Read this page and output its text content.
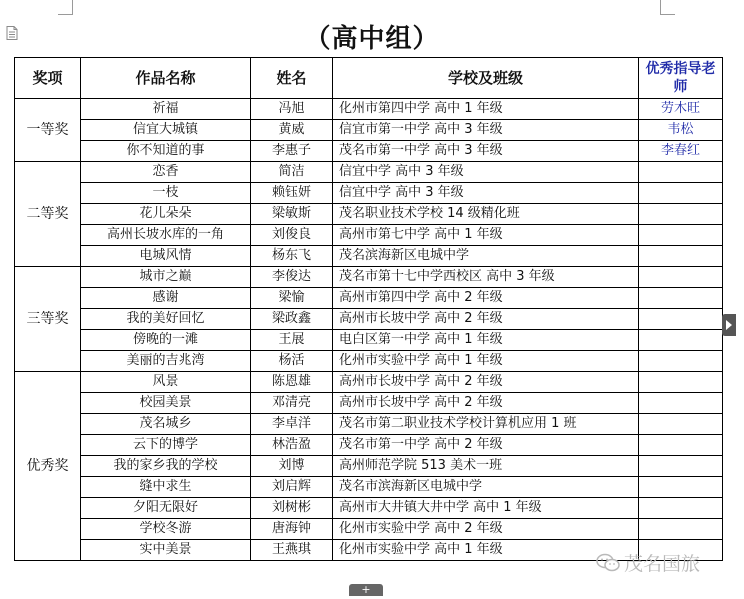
（高中组）
奖项	作品名称	姓名	学校及班级	优秀指导老师
一等奖	祈福	冯旭	化州市第四中学 高中 1 年级	劳木旺
	信宜大城镇	黄威	信宜市第一中学 高中 3 年级	韦松
	你不知道的事	李惠子	茂名市第一中学 高中 3 年级	李春红
二等奖	恋香	简洁	信宜中学 高中 3 年级	
	一枝	赖钰妍	信宜中学 高中 3 年级	
	花儿朵朵	梁敏斯	茂名职业技术学校 14 级精化班	
	高州长坡水库的一角	刘俊良	高州市第七中学 高中 1 年级	
	电城风情	杨东飞	茂名滨海新区电城中学	
三等奖	城市之巅	李俊达	茂名市第十七中学西校区 高中 3 年级	
	感谢	梁愉	高州市第四中学 高中 2 年级	
	我的美好回忆	梁政鑫	高州市长坡中学 高中 2 年级	
	傍晚的一滩	王展	电白区第一中学 高中 1 年级	
	美丽的吉兆湾	杨活	化州市实验中学 高中 1 年级	
优秀奖	风景	陈恩雄	高州市长坡中学 高中 2 年级	
	校园美景	邓清亮	高州市长坡中学 高中 2 年级	
	茂名城乡	李卓洋	茂名市第二职业技术学校计算机应用 1 班	
	云下的博学	林浩盈	茂名市第一中学 高中 2 年级	
	我的家乡我的学校	刘博	高州师范学院 513 美术一班	
	缝中求生	刘启辉	茂名市滨海新区电城中学	
	夕阳无限好	刘树彬	高州市大井镇大井中学 高中 1 年级	
	学校冬游	唐海钟	化州市实验中学 高中 2 年级	
	实中美景	王燕琪	化州市实验中学 高中 1 年级	
+
茂名国旅
